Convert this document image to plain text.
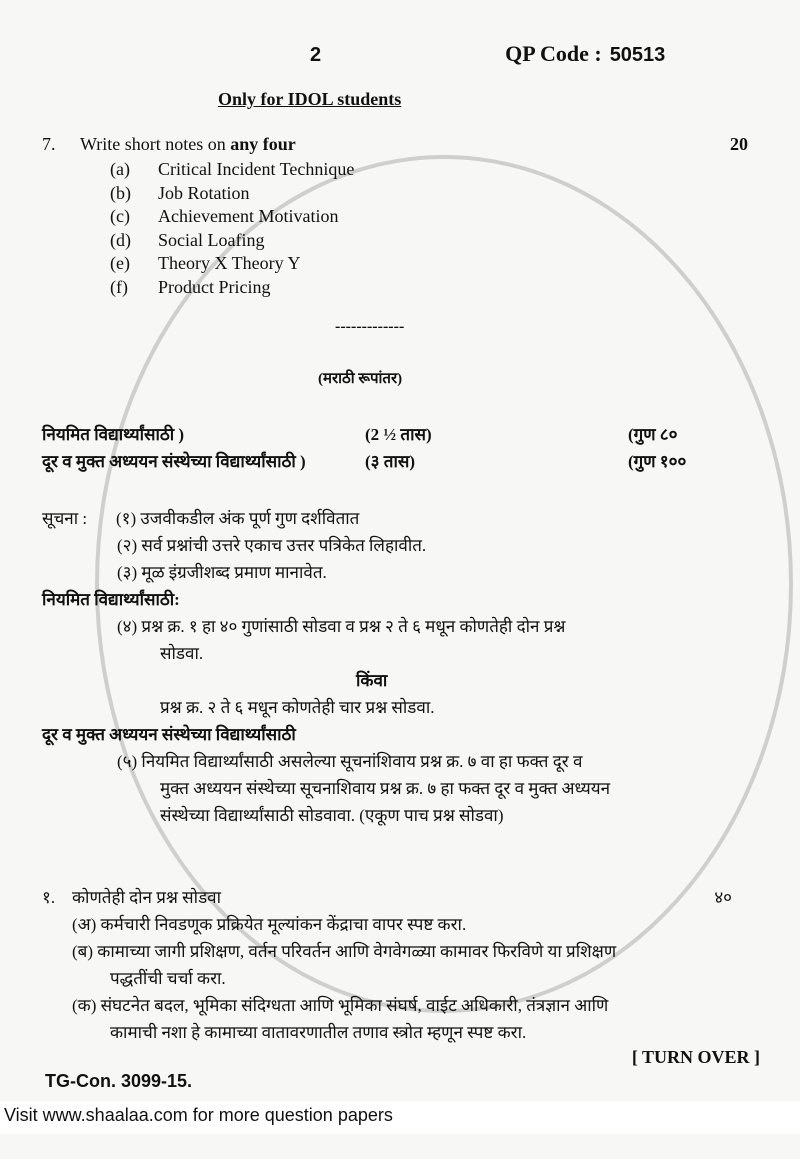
2	QP Code : 50513
Only for IDOL students
7.	Write short notes on any four	20
(a) Critical Incident Technique
(b) Job Rotation
(c) Achievement Motivation
(d) Social Loafing
(e) Theory X Theory Y
(f) Product Pricing
-------------
(मराठी रूपांतर)
नियमित विद्यार्थ्यांसाठी )	(2 ½ तास)	(गुण ८०
दूर व मुक्त अध्ययन संस्थेच्या विद्यार्थ्यांसाठी )	(३ तास)	(गुण १००
सूचना :	(१) उजवीकडील अंक पूर्ण गुण दर्शवितात
(२) सर्व प्रश्नांची उत्तरे एकाच उत्तर पत्रिकेत लिहावीत.
(३) मूळ इंग्रजीशब्द प्रमाण मानावेत.
नियमित विद्यार्थ्यांसाठी:
(४) प्रश्न क्र. १ हा ४० गुणांसाठी सोडवा व प्रश्न २ ते ६ मधून कोणतेही दोन प्रश्न
सोडवा.
किंवा
प्रश्न क्र. २ ते ६ मधून कोणतेही चार प्रश्न सोडवा.
दूर व मुक्त अध्ययन संस्थेच्या विद्यार्थ्यांसाठी
(५) नियमित विद्यार्थ्यांसाठी असलेल्या सूचनांशिवाय प्रश्न क्र. ७ वा हा फक्त दूर व
मुक्त अध्ययन संस्थेच्या सूचनाशिवाय प्रश्न क्र. ७ हा फक्त दूर व मुक्त अध्ययन
संस्थेच्या विद्यार्थ्यांसाठी सोडवावा. (एकूण पाच प्रश्न सोडवा)
१. कोणतेही दोन प्रश्न सोडवा	४०
(अ) कर्मचारी निवडणूक प्रक्रियेत मूल्यांकन केंद्राचा वापर स्पष्ट करा.
(ब) कामाच्या जागी प्रशिक्षण, वर्तन परिवर्तन आणि वेगवेगळ्या कामावर फिरविणे या प्रशिक्षण
पद्धतींची चर्चा करा.
(क) संघटनेत बदल, भूमिका संदिग्धता आणि भूमिका संघर्ष, वाईट अधिकारी, तंत्रज्ञान आणि
कामाची नशा हे कामाच्या वातावरणातील तणाव स्त्रोत म्हणून स्पष्ट करा.
[ TURN OVER ]
TG-Con. 3099-15.
Visit www.shaalaa.com for more question papers
